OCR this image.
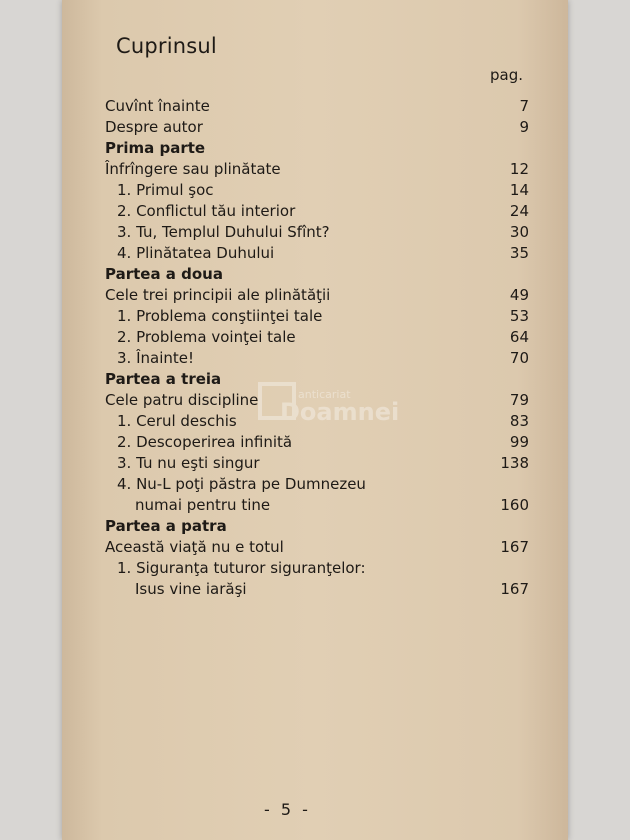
Cuprinsul
pag.
Cuvînt înainte	7
Despre autor	9
Prima parte
Înfrîngere sau plinătate	12
1. Primul şoc	14
2. Conflictul tău interior	24
3. Tu, Templul Duhului Sfînt?	30
4. Plinătatea Duhului	35
Partea a doua
Cele trei principii ale plinătăţii	49
1. Problema conştiinţei tale	53
2. Problema voinţei tale	64
3. Înainte!	70
Partea a treia
Cele patru discipline	79
1. Cerul deschis	83
2. Descoperirea infinită	99
3. Tu nu eşti singur	138
4. Nu-L poţi păstra pe Dumnezeu
numai pentru tine	160
Partea a patra
Această viaţă nu e totul	167
1. Siguranţa tuturor siguranţelor:
Isus vine iarăşi	167
anticariat
Doamnei
- 5 -
